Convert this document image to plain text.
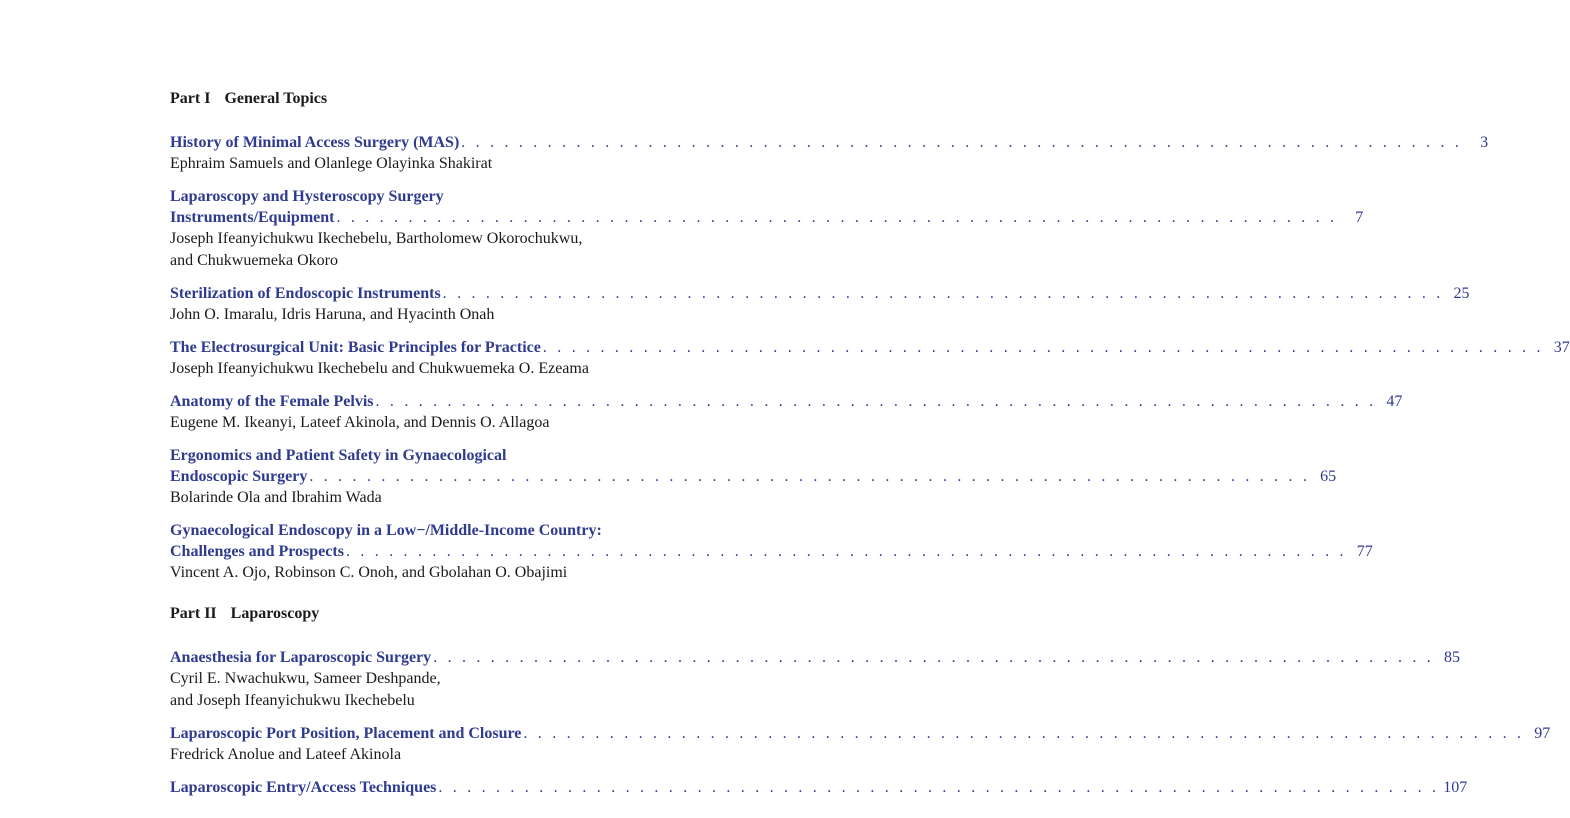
Part I General Topics
History of Minimal Access Surgery (MAS) . . . . . . . . . . . . . . . . . . . . . . . . . . . . . . . . . . . . . . . . . . . . . . . . . . . . . . . . . . . . . . . . . . . . . .	3
Ephraim Samuels and Olanlege Olayinka Shakirat
Laparoscopy and Hysteroscopy Surgery
Instruments/Equipment . . . . . . . . . . . . . . . . . . . . . . . . . . . . . . . . . . . . . . . . . . . . . . . . . . . . . . . . . . . . . . . . . . . . . .	7
Joseph Ifeanyichukwu Ikechebelu, Bartholomew Okorochukwu,
and Chukwuemeka Okoro
Sterilization of Endoscopic Instruments . . . . . . . . . . . . . . . . . . . . . . . . . . . . . . . . . . . . . . . . . . . . . . . . . . . . . . . . . . . . . . . . . . . . . . 25
John O. Imaralu, Idris Haruna, and Hyacinth Onah
The Electrosurgical Unit: Basic Principles for Practice . . . . . . . . . . . . . . . . . . . . . . . . . . . . . . . . . . . . . . . . . . . . . . . . . . . . . . . . . . . . . . . . . . . . . . 37
Joseph Ifeanyichukwu Ikechebelu and Chukwuemeka O. Ezeama
Anatomy of the Female Pelvis . . . . . . . . . . . . . . . . . . . . . . . . . . . . . . . . . . . . . . . . . . . . . . . . . . . . . . . . . . . . . . . . . . . . . . 47
Eugene M. Ikeanyi, Lateef Akinola, and Dennis O. Allagoa
Ergonomics and Patient Safety in Gynaecological
Endoscopic Surgery . . . . . . . . . . . . . . . . . . . . . . . . . . . . . . . . . . . . . . . . . . . . . . . . . . . . . . . . . . . . . . . . . . . . . . 65
Bolarinde Ola and Ibrahim Wada
Gynaecological Endoscopy in a Low−/Middle-Income Country:
Challenges and Prospects . . . . . . . . . . . . . . . . . . . . . . . . . . . . . . . . . . . . . . . . . . . . . . . . . . . . . . . . . . . . . . . . . . . . . . 77
Vincent A. Ojo, Robinson C. Onoh, and Gbolahan O. Obajimi
Part II Laparoscopy
Anaesthesia for Laparoscopic Surgery . . . . . . . . . . . . . . . . . . . . . . . . . . . . . . . . . . . . . . . . . . . . . . . . . . . . . . . . . . . . . . . . . . . . . . 85
Cyril E. Nwachukwu, Sameer Deshpande,
and Joseph Ifeanyichukwu Ikechebelu
Laparoscopic Port Position, Placement and Closure . . . . . . . . . . . . . . . . . . . . . . . . . . . . . . . . . . . . . . . . . . . . . . . . . . . . . . . . . . . . . . . . . . . . . . 97
Fredrick Anolue and Lateef Akinola
Laparoscopic Entry/Access Techniques . . . . . . . . . . . . . . . . . . . . . . . . . . . . . . . . . . . . . . . . . . . . . . . . . . . . . . . . . . . . . . . . . . . . . . 107
